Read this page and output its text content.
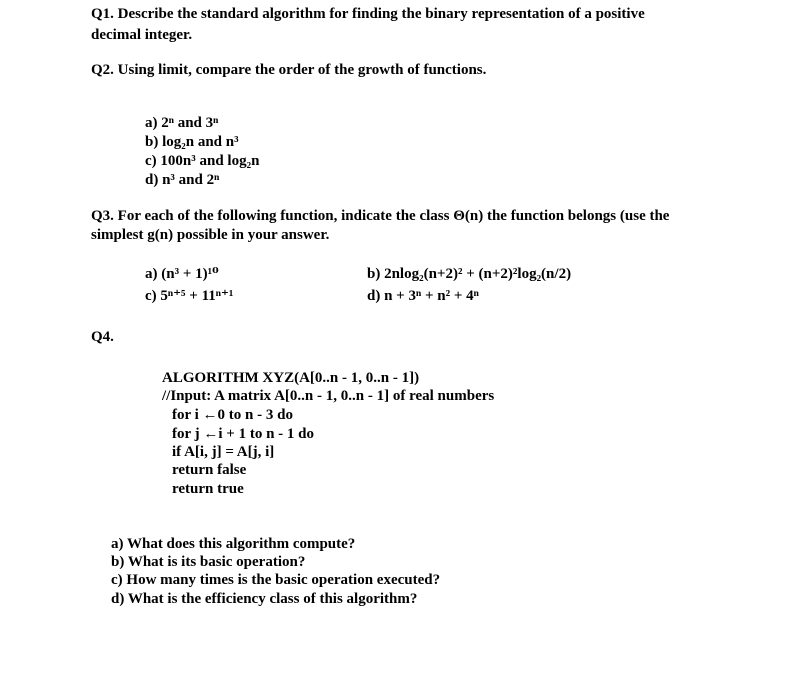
Q1. Describe the standard algorithm for finding the binary representation of a positive
decimal integer.
Q2. Using limit, compare the order of the growth of functions.
a) 2ⁿ and 3ⁿ
b) log₂n and n³
c) 100n³ and log₂n
d) n³ and 2ⁿ
Q3. For each of the following function, indicate the class Θ(n) the function belongs (use the
simplest g(n) possible in your answer.
a) (n³ + 1)¹⁰	b) 2nlog₂(n+2)² + (n+2)²log₂(n/2)
c) 5ⁿ⁺⁵ + 11ⁿ⁺¹	d) n + 3ⁿ + n² + 4ⁿ
Q4.
ALGORITHM XYZ(A[0..n - 1, 0..n - 1])
//Input: A matrix A[0..n - 1, 0..n - 1] of real numbers
for i ←0 to n - 3 do
for j ←i + 1 to n - 1 do
if A[i, j] = A[j, i]
return false
return true
a) What does this algorithm compute?
b) What is its basic operation?
c) How many times is the basic operation executed?
d) What is the efficiency class of this algorithm?
